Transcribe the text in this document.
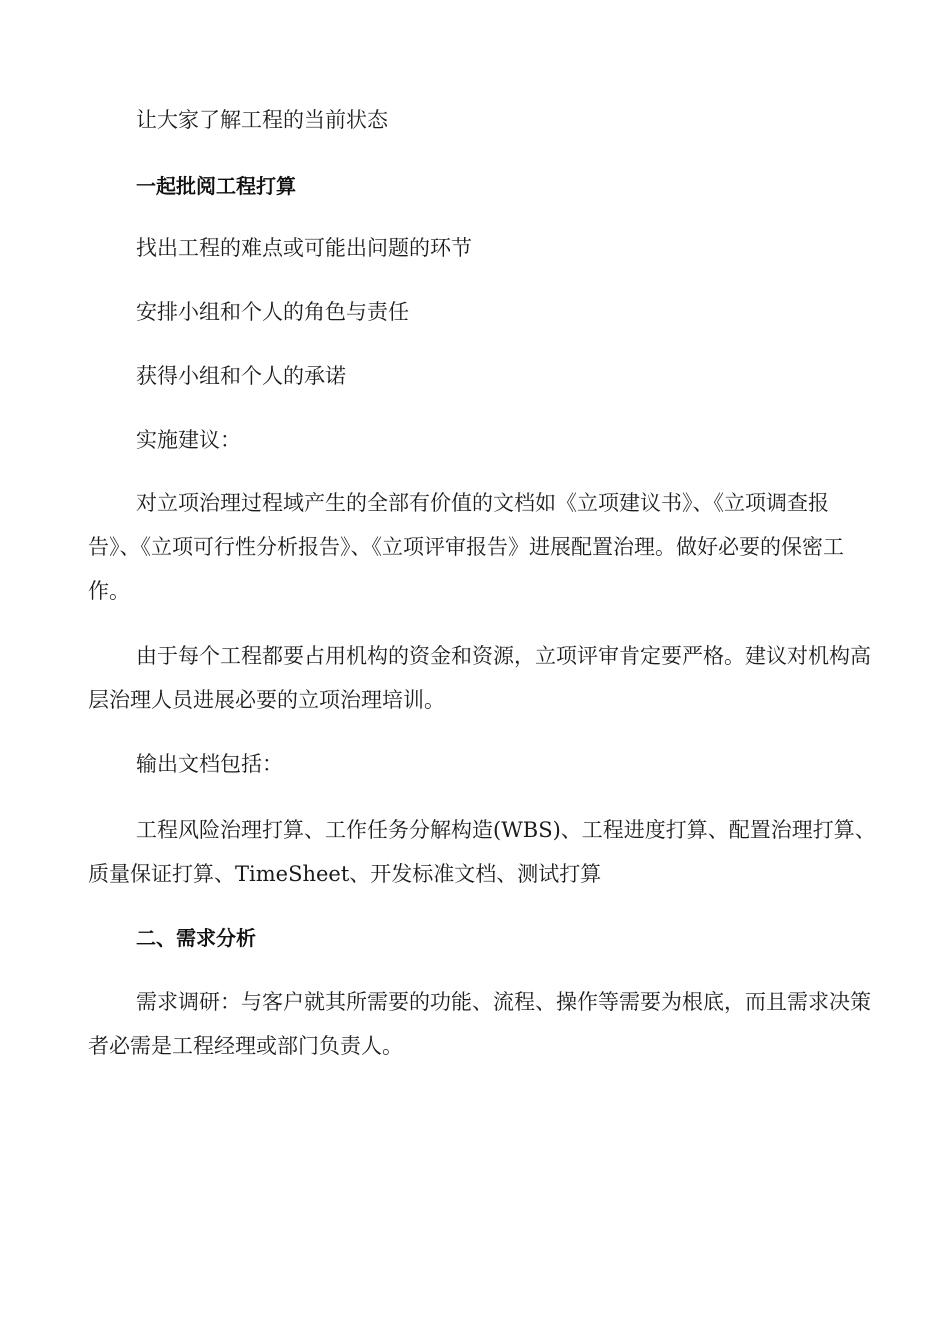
让大家了解工程的当前状态

一起批阅工程打算

找出工程的难点或可能出问题的环节

安排小组和个人的角色与责任

获得小组和个人的承诺

实施建议：

对立项治理过程域产生的全部有价值的文档如《立项建议书》、《立项调查报告》、《立项可行性分析报告》、《立项评审报告》进展配置治理。做好必要的保密工作。

由于每个工程都要占用机构的资金和资源，立项评审肯定要严格。建议对机构高层治理人员进展必要的立项治理培训。

输出文档包括：

工程风险治理打算、工作任务分解构造(WBS)、工程进度打算、配置治理打算、质量保证打算、TimeSheet、开发标准文档、测试打算

二、需求分析

需求调研：与客户就其所需要的功能、流程、操作等需要为根底，而且需求决策者必需是工程经理或部门负责人。
